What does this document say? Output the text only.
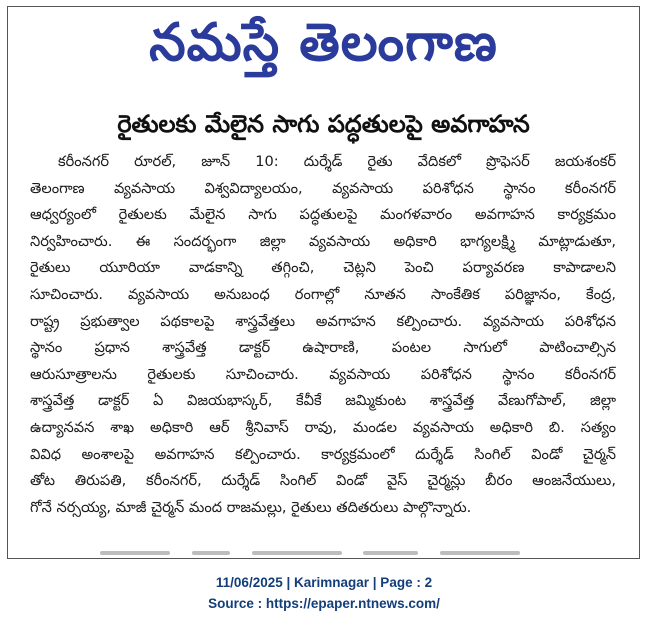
నమస్తే తెలంగాణ
రైతులకు మేలైన సాగు పద్ధతులపై అవగాహన
కరీంనగర్ రూరల్, జూన్ 10: దుర్శేడ్ రైతు వేదికలో ప్రొఫెసర్ జయశంకర్
తెలంగాణ వ్యవసాయ విశ్వవిద్యాలయం, వ్యవసాయ పరిశోధన స్థానం కరీంనగర్
ఆధ్వర్యంలో రైతులకు మేలైన సాగు పద్ధతులపై మంగళవారం అవగాహన కార్యక్రమం
నిర్వహించారు. ఈ సందర్భంగా జిల్లా వ్యవసాయ అధికారి భాగ్యలక్ష్మి మాట్లాడుతూ,
రైతులు యూరియా వాడకాన్ని తగ్గించి, చెట్లని పెంచి పర్యావరణ కాపాడాలని
సూచించారు. వ్యవసాయ అనుబంధ రంగాల్లో నూతన సాంకేతిక పరిజ్ఞానం, కేంద్ర,
రాష్ట్ర ప్రభుత్వాల పథకాలపై శాస్త్రవేత్తలు అవగాహన కల్పించారు. వ్యవసాయ పరిశోధన
స్థానం ప్రధాన శాస్త్రవేత్త డాక్టర్ ఉషారాణి, పంటల సాగులో పాటించాల్సిన
ఆరుసూత్రాలను రైతులకు సూచించారు. వ్యవసాయ పరిశోధన స్థానం కరీంనగర్
శాస్త్రవేత్త డాక్టర్ ఏ విజయభాస్కర్, కేవీకే జమ్మికుంట శాస్త్రవేత్త వేణుగోపాల్, జిల్లా
ఉద్యానవన శాఖ అధికారి ఆర్ శ్రీనివాస్ రావు, మండల వ్యవసాయ అధికారి బి. సత్యం
వివిధ అంశాలపై అవగాహన కల్పించారు. కార్యక్రమంలో దుర్శేడ్ సింగిల్ విండో చైర్మన్
తోట తిరుపతి, కరీంనగర్, దుర్శేడ్ సింగిల్ విండో వైస్ చైర్మన్లు బీరం ఆంజనేయులు,
గోనే నర్సయ్య, మాజీ చైర్మన్ మంద రాజమల్లు, రైతులు తదితరులు పాల్గొన్నారు.
11/06/2025 | Karimnagar | Page : 2
Source : https://epaper.ntnews.com/
